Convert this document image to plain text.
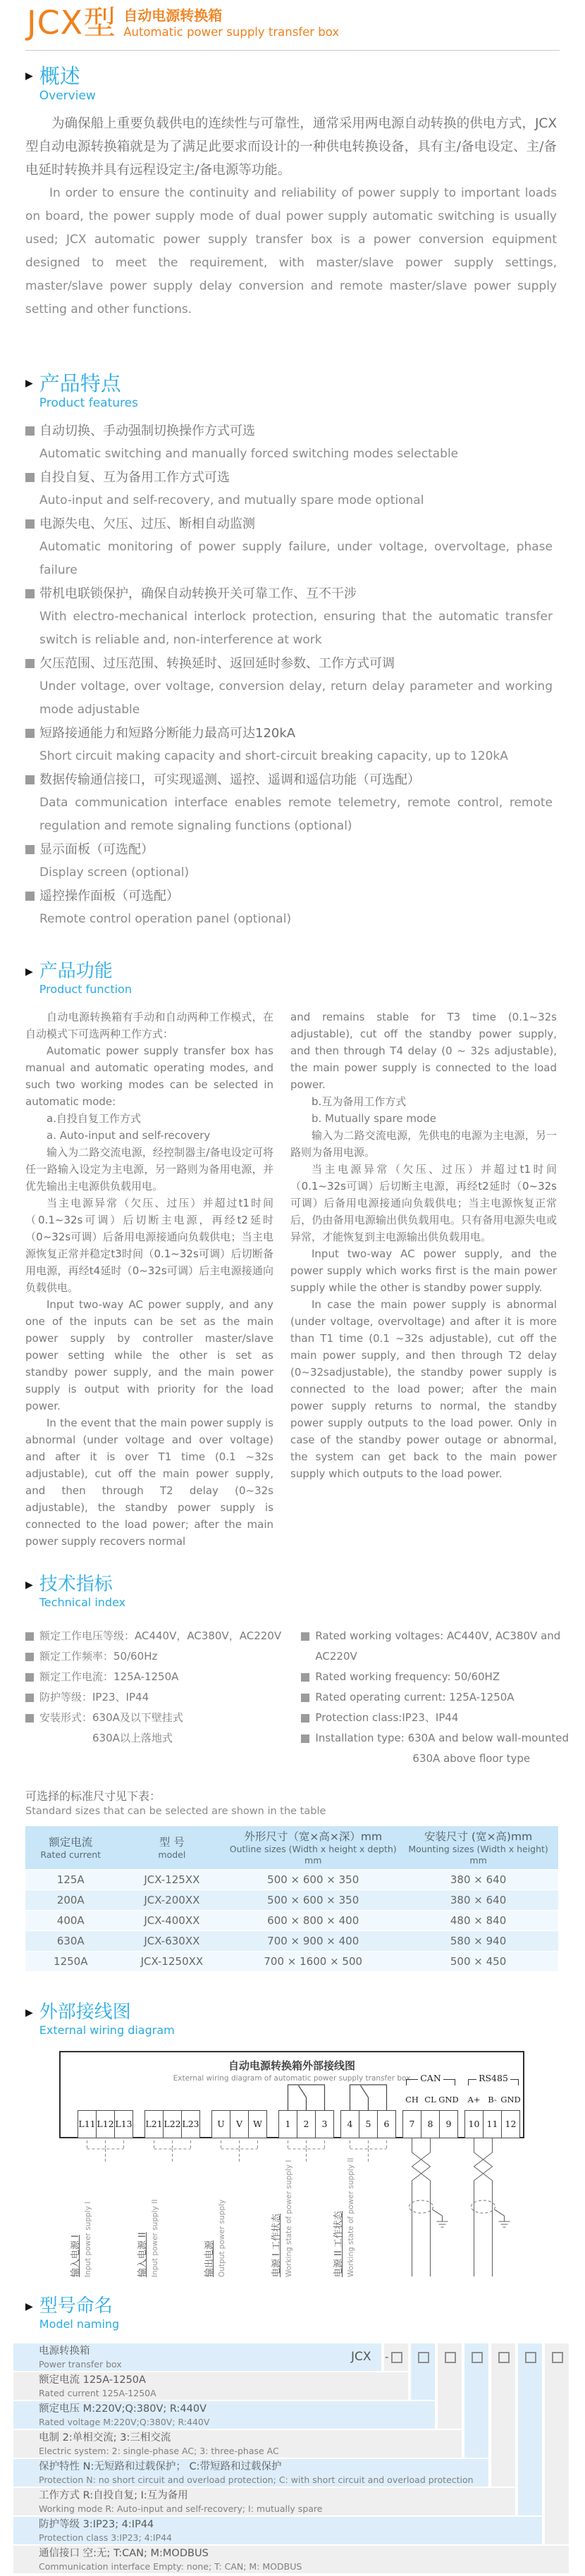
JCX型 自动电源转换箱
Automatic power supply transfer box
▶ 概述
Overview

为确保船上重要负载供电的连续性与可靠性，通常采用两电源自动转换的供电方式，JCX型自动电源转换箱就是为了满足此要求而设计的一种供电转换设备，具有主/备电设定、主/备电延时转换并具有远程设定主/备电源等功能。

In order to ensure the continuity and reliability of power supply to important loads on board, the power supply mode of dual power supply automatic switching is usually used; JCX automatic power supply transfer box is a power conversion equipment designed to meet the requirement, with master/slave power supply settings, master/slave power supply delay conversion and remote master/slave power supply setting and other functions.

▶ 产品特点
Product features
自动切换、手动强制切换操作方式可选
Automatic switching and manually forced switching modes selectable
自投自复、互为备用工作方式可选
Auto-input and self-recovery, and mutually spare mode optional
电源失电、欠压、过压、断相自动监测
Automatic monitoring of power supply failure, under voltage, overvoltage, phase failure
带机电联锁保护，确保自动转换开关可靠工作、互不干涉
With electro-mechanical interlock protection, ensuring that the automatic transfer switch is reliable and, non-interference at work
欠压范围、过压范围、转换延时、返回延时参数、工作方式可调
Under voltage, over voltage, conversion delay, return delay parameter and working mode adjustable
短路接通能力和短路分断能力最高可达120kA
Short circuit making capacity and short-circuit breaking capacity, up to 120kA
数据传输通信接口，可实现遥测、遥控、遥调和遥信功能（可选配）
Data communication interface enables remote telemetry, remote control, remote regulation and remote signaling functions (optional)
显示面板（可选配）
Display screen (optional)
遥控操作面板（可选配）
Remote control operation panel (optional)
▶ 产品功能
Product function

自动电源转换箱有手动和自动两种工作模式，在自动模式下可选两种工作方式：

Automatic power supply transfer box has manual and automatic operating modes, and such two working modes can be selected in automatic mode:

a.自投自复工作方式

a. Auto-input and self-recovery

输入为二路交流电源，经控制器主/备电设定可将任一路输入设定为主电源，另一路则为备用电源，并优先输出主电源供负载用电。

当主电源异常（欠压、过压）并超过t1时间（0.1~32s可调）后切断主电源，再经t2延时（0~32s可调）后备用电源接通向负载供电；当主电源恢复正常并稳定t3时间（0.1~32s可调）后切断备用电源，再经t4延时（0~32s可调）后主电源接通向负载供电。

Input two-way AC power supply, and any one of the inputs can be set as the main power supply by controller master/slave power setting while the other is set as standby power supply, and the main power supply is output with priority for the load power.

In the event that the main power supply is abnormal (under voltage and over voltage) and after it is over T1 time (0.1 ~32s adjustable), cut off the main power supply, and then through T2 delay (0~32s adjustable), the standby power supply is connected to the load power; after the main power supply recovers normal

and remains stable for T3 time (0.1~32s adjustable), cut off the standby power supply, and then through T4 delay (0 ~ 32s adjustable), the main power supply is connected to the load power.

b.互为备用工作方式

b. Mutually spare mode

输入为二路交流电源，先供电的电源为主电源，另一路则为备用电源。

当主电源异常（欠压、过压）并超过t1时间（0.1~32s可调）后切断主电源，再经t2延时（0~32s可调）后备用电源接通向负载供电；当主电源恢复正常后，仍由备用电源输出供负载用电。只有备用电源失电或异常，才能恢复到主电源输出供负载用电。

Input two-way AC power supply, and the power supply which works first is the main power supply while the other is standby power supply.

In case the main power supply is abnormal (under voltage, overvoltage) and after it is more than T1 time (0.1 ~32s adjustable), cut off the main power supply, and then through T2 delay (0~32sadjustable), the standby power supply is connected to the load power; after the main power supply returns to normal, the standby power supply outputs to the load power. Only in case of the standby power outage or abnormal, the system can get back to the main power supply which outputs to the load power.

▶ 技术指标
Technical index
额定工作电压等级：AC440V，AC380V，AC220V
额定工作频率：50/60Hz
额定工作电流：125A-1250A
防护等级：IP23、IP44
安装形式：630A及以下壁挂式
630A以上落地式
Rated working voltages: AC440V, AC380V and AC220V
Rated working frequency: 50/60HZ
Rated operating current: 125A-1250A
Protection class:IP23、IP44
Installation type: 630A and below wall-mounted
630A above floor type

可选择的标准尺寸见下表：

Standard sizes that can be selected are shown in the table

额定电流
Rated current

型 号
model

外形尺寸（宽×高×深）mm
Outline sizes (Width x height x depth) mm

安装尺寸 (宽×高)mm
Mounting sizes (Width x height) mm

125A	JCX-125XX	500 × 600 × 350	380 × 640
200A	JCX-200XX	500 × 600 × 350	380 × 640
400A	JCX-400XX	600 × 800 × 400	480 × 840
630A	JCX-630XX	700 × 900 × 400	580 × 940
1250A	JCX-1250XX	700 × 1600 × 500	500 × 450
▶ 外部接线图
External wiring diagram
自动电源转换箱外部接线图
External wiring diagram of automatic power supply transfer box	CAN	RS485
L11 L12 L13 L21 L22 L23	U	V	W	1	2	3	4	5	6	7	8	9	10 11 12
CH CL GND A+ B- GND
输入电源 I Input power supply I	输入电源 II Input power supply II	输出电源 Output power supply	电源 I 工作状态 Working state of power supply I	电源 II 工作状态 Working state of power supply II
▶ 型号命名
Model naming
电源转换箱
Power transfer box
额定电流 125A-1250A
Rated current 125A-1250A
额定电压 M:220V;Q:380V; R:440V
Rated voltage M:220V;Q:380V; R:440V
电制 2:单相交流; 3:三相交流
Electric system: 2: single-phase AC; 3: three-phase AC
保护特性 N:无短路和过载保护； C:带短路和过载保护
Protection N: no short circuit and overload protection; C: with short circuit and overload protection
工作方式 R:自投自复; I:互为备用
Working mode R: Auto-input and self-recovery; I: mutually spare
防护等级 3:IP23; 4:IP44
Protection class 3:IP23; 4:IP44
通信接口 空:无; T:CAN; M:MODBUS
Communication interface Empty: none; T: CAN; M: MODBUS
-
JCX
